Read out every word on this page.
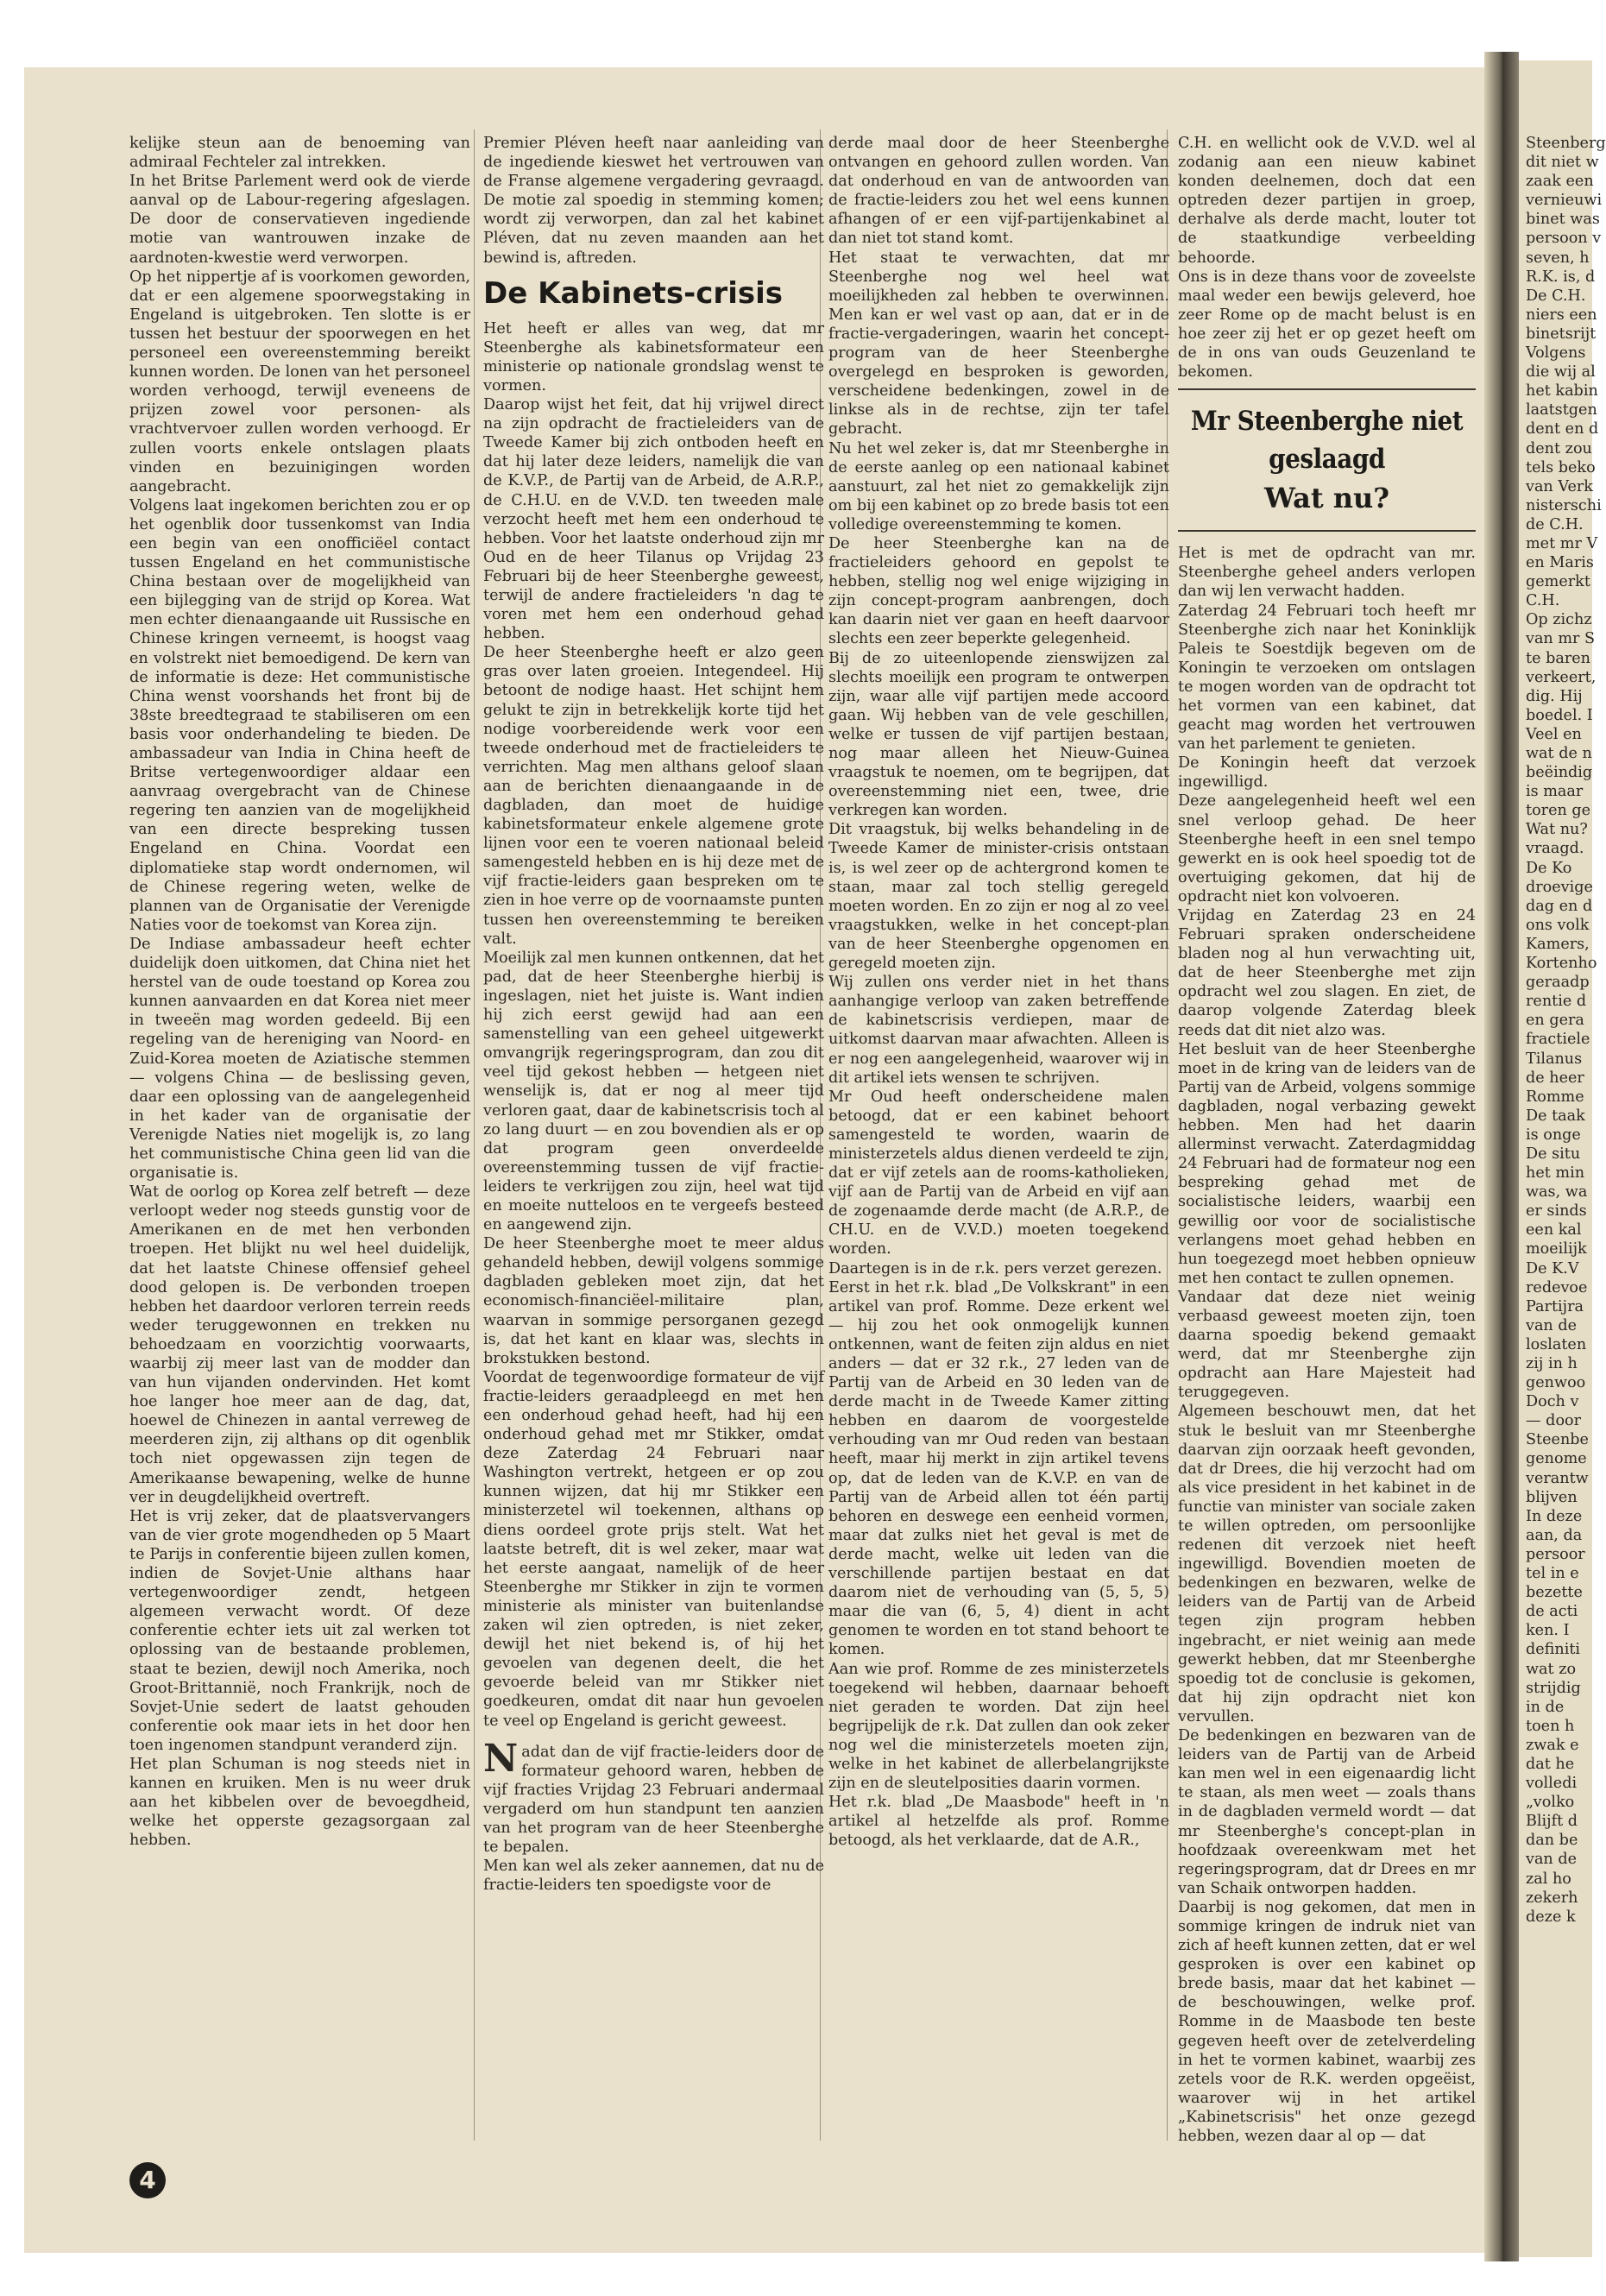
Steenberg
dit niet w
zaak een
vernieuwi
binet was
persoon v
seven, h
R.K. is, d
De C.H.
niers een
binetsrijt
Volgens
die wij al
het kabin
laatstgen
dent en d
dent zou
tels beko
van Verk
nisterschi
de C.H.
met mr V
en Maris
gemerkt
C.H.
Op zichz
van mr S
te baren
verkeert,
dig. Hij
boedel. I
Veel en
wat de n
beëindig
is maar
toren ge
Wat nu?
vraagd.
De Ko
droevige
dag en d
ons volk
Kamers,
Kortenho
geraadp
rentie d
en gera
fractiele
Tilanus
de heer
Romme
De taak
is onge
De situ
het min
was, wa
er sinds
een kal
moeilijk
De K.V
redevoe
Partijra
van de
loslaten
zij in h
genwoo
Doch v
— door
Steenbe
genome
verantw
blijven
In deze
aan, da
persoor
tel in e
bezette
de acti
ken. I
definiti
wat zo
strijdig
in de
toen h
zwak e
dat he
volledi
„volko
Blijft d
dan be
van de
zal ho
zekerh
deze k

kelijke steun aan de benoeming van admiraal Fechteler zal intrekken.

In het Britse Parlement werd ook de vierde aanval op de Labour-regering afgeslagen. De door de conservatieven ingediende motie van wantrouwen inzake de aardnoten-kwestie werd verworpen.

Op het nippertje af is voorkomen geworden, dat er een algemene spoorwegstaking in Engeland is uitgebroken. Ten slotte is er tussen het bestuur der spoorwegen en het personeel een overeenstemming bereikt kunnen worden. De lonen van het personeel worden verhoogd, terwijl eveneens de prijzen zowel voor personen- als vrachtvervoer zullen worden verhoogd. Er zullen voorts enkele ontslagen plaats vinden en bezuinigingen worden aangebracht.

Volgens laat ingekomen berichten zou er op het ogenblik door tussenkomst van India een begin van een onofficiëel contact tussen Engeland en het communistische China bestaan over de mogelijkheid van een bijlegging van de strijd op Korea. Wat men echter dienaangaande uit Russische en Chinese kringen verneemt, is hoogst vaag en volstrekt niet bemoedigend. De kern van de informatie is deze: Het communistische China wenst voorshands het front bij de 38ste breedtegraad te stabiliseren om een basis voor onderhandeling te bieden. De ambassadeur van India in China heeft de Britse vertegenwoordiger aldaar een aanvraag overgebracht van de Chinese regering ten aanzien van de mogelijkheid van een directe bespreking tussen Engeland en China. Voordat een diplomatieke stap wordt ondernomen, wil de Chinese regering weten, welke de plannen van de Organisatie der Verenigde Naties voor de toekomst van Korea zijn.

De Indiase ambassadeur heeft echter duidelijk doen uitkomen, dat China niet het herstel van de oude toestand op Korea zou kunnen aanvaarden en dat Korea niet meer in tweeën mag worden gedeeld. Bij een regeling van de hereniging van Noord- en Zuid-Korea moeten de Aziatische stemmen — volgens China — de beslissing geven, daar een oplossing van de aangelegenheid in het kader van de organisatie der Verenigde Naties niet mogelijk is, zo lang het communistische China geen lid van die organisatie is.

Wat de oorlog op Korea zelf betreft — deze verloopt weder nog steeds gunstig voor de Amerikanen en de met hen verbonden troepen. Het blijkt nu wel heel duidelijk, dat het laatste Chinese offensief geheel dood gelopen is. De verbonden troepen hebben het daardoor verloren terrein reeds weder teruggewonnen en trekken nu behoedzaam en voorzichtig voorwaarts, waarbij zij meer last van de modder dan van hun vijanden ondervinden. Het komt hoe langer hoe meer aan de dag, dat, hoewel de Chinezen in aantal verreweg de meerderen zijn, zij althans op dit ogenblik toch niet opgewassen zijn tegen de Amerikaanse bewapening, welke de hunne ver in deugdelijkheid overtreft.

Het is vrij zeker, dat de plaatsvervangers van de vier grote mogendheden op 5 Maart te Parijs in conferentie bijeen zullen komen, indien de Sovjet-Unie althans haar vertegenwoordiger zendt, hetgeen algemeen verwacht wordt. Of deze conferentie echter iets uit zal werken tot oplossing van de bestaande problemen, staat te bezien, dewijl noch Amerika, noch Groot-Brittannië, noch Frankrijk, noch de Sovjet-Unie sedert de laatst gehouden conferentie ook maar iets in het door hen toen ingenomen standpunt veranderd zijn.

Het plan Schuman is nog steeds niet in kannen en kruiken. Men is nu weer druk aan het kibbelen over de bevoegdheid, welke het opperste gezagsorgaan zal hebben.

Premier Pléven heeft naar aanleiding van de ingediende kieswet het vertrouwen van de Franse algemene vergadering gevraagd. De motie zal spoedig in stemming komen; wordt zij verworpen, dan zal het kabinet Pléven, dat nu zeven maanden aan het bewind is, aftreden.

De Kabinets-crisis

Het heeft er alles van weg, dat mr Steenberghe als kabinetsformateur een ministerie op nationale grondslag wenst te vormen.

Daarop wijst het feit, dat hij vrijwel direct na zijn opdracht de fractieleiders van de Tweede Kamer bij zich ontboden heeft en dat hij later deze leiders, namelijk die van de K.V.P., de Partij van de Arbeid, de A.R.P., de C.H.U. en de V.V.D. ten tweeden male verzocht heeft met hem een onderhoud te hebben. Voor het laatste onderhoud zijn mr Oud en de heer Tilanus op Vrijdag 23 Februari bij de heer Steenberghe geweest, terwijl de andere fractieleiders 'n dag te voren met hem een onderhoud gehad hebben.

De heer Steenberghe heeft er alzo geen gras over laten groeien. Integendeel. Hij betoont de nodige haast. Het schijnt hem gelukt te zijn in betrekkelijk korte tijd het nodige voorbereidende werk voor een tweede onderhoud met de fractieleiders te verrichten. Mag men althans geloof slaan aan de berichten dienaangaande in de dagbladen, dan moet de huidige kabinetsformateur enkele algemene grote lijnen voor een te voeren nationaal beleid samengesteld hebben en is hij deze met de vijf fractie-leiders gaan bespreken om te zien in hoe verre op de voornaamste punten tussen hen overeenstemming te bereiken valt.

Moeilijk zal men kunnen ontkennen, dat het pad, dat de heer Steenberghe hierbij is ingeslagen, niet het juiste is. Want indien hij zich eerst gewijd had aan een samenstelling van een geheel uitgewerkt omvangrijk regeringsprogram, dan zou dit veel tijd gekost hebben — hetgeen niet wenselijk is, dat er nog al meer tijd verloren gaat, daar de kabinetscrisis toch al zo lang duurt — en zou bovendien als er op dat program geen onverdeelde overeenstemming tussen de vijf fractie-leiders te verkrijgen zou zijn, heel wat tijd en moeite nutteloos en te vergeefs besteed en aangewend zijn.

De heer Steenberghe moet te meer aldus gehandeld hebben, dewijl volgens sommige dagbladen gebleken moet zijn, dat het economisch-financiëel-militaire plan, waarvan in sommige persorganen gezegd is, dat het kant en klaar was, slechts in brokstukken bestond.

Voordat de tegenwoordige formateur de vijf fractie-leiders geraadpleegd en met hen een onderhoud gehad heeft, had hij een onderhoud gehad met mr Stikker, omdat deze Zaterdag 24 Februari naar Washington vertrekt, hetgeen er op zou kunnen wijzen, dat hij mr Stikker een ministerzetel wil toekennen, althans op diens oordeel grote prijs stelt. Wat het laatste betreft, dit is wel zeker, maar wat het eerste aangaat, namelijk of de heer Steenberghe mr Stikker in zijn te vormen ministerie als minister van buitenlandse zaken wil zien optreden, is niet zeker, dewijl het niet bekend is, of hij het gevoelen van degenen deelt, die het gevoerde beleid van mr Stikker niet goedkeuren, omdat dit naar hun gevoelen te veel op Engeland is gericht geweest.

Nadat dan de vijf fractie-leiders door de formateur gehoord waren, hebben de vijf fracties Vrijdag 23 Februari andermaal vergaderd om hun standpunt ten aanzien van het program van de heer Steenberghe te bepalen.

Men kan wel als zeker aannemen, dat nu de fractie-leiders ten spoedigste voor de

derde maal door de heer Steenberghe ontvangen en gehoord zullen worden. Van dat onderhoud en van de antwoorden van de fractie-leiders zou het wel eens kunnen afhangen of er een vijf-partijenkabinet al dan niet tot stand komt.

Het staat te verwachten, dat mr Steenberghe nog wel heel wat moeilijkheden zal hebben te overwinnen. Men kan er wel vast op aan, dat er in de fractie-vergaderingen, waarin het concept-program van de heer Steenberghe overgelegd en besproken is geworden, verscheidene bedenkingen, zowel in de linkse als in de rechtse, zijn ter tafel gebracht.

Nu het wel zeker is, dat mr Steenberghe in de eerste aanleg op een nationaal kabinet aanstuurt, zal het niet zo gemakkelijk zijn om bij een kabinet op zo brede basis tot een volledige overeenstemming te komen.

De heer Steenberghe kan na de fractieleiders gehoord en gepolst te hebben, stellig nog wel enige wijziging in zijn concept-program aanbrengen, doch kan daarin niet ver gaan en heeft daarvoor slechts een zeer beperkte gelegenheid.

Bij de zo uiteenlopende zienswijzen zal slechts moeilijk een program te ontwerpen zijn, waar alle vijf partijen mede accoord gaan. Wij hebben van de vele geschillen, welke er tussen de vijf partijen bestaan, nog maar alleen het Nieuw-Guinea vraagstuk te noemen, om te begrijpen, dat overeenstemming niet een, twee, drie verkregen kan worden.

Dit vraagstuk, bij welks behandeling in de Tweede Kamer de minister-crisis ontstaan is, is wel zeer op de achtergrond komen te staan, maar zal toch stellig geregeld moeten worden. En zo zijn er nog al zo veel vraagstukken, welke in het concept-plan van de heer Steenberghe opgenomen en geregeld moeten zijn.

Wij zullen ons verder niet in het thans aanhangige verloop van zaken betreffende de kabinetscrisis verdiepen, maar de uitkomst daarvan maar afwachten. Alleen is er nog een aangelegenheid, waarover wij in dit artikel iets wensen te schrijven.

Mr Oud heeft onderscheidene malen betoogd, dat er een kabinet behoort samengesteld te worden, waarin de ministerzetels aldus dienen verdeeld te zijn, dat er vijf zetels aan de rooms-katholieken, vijf aan de Partij van de Arbeid en vijf aan de zogenaamde derde macht (de A.R.P., de CH.U. en de V.V.D.) moeten toegekend worden.

Daartegen is in de r.k. pers verzet gerezen.

Eerst in het r.k. blad „De Volkskrant" in een artikel van prof. Romme. Deze erkent wel — hij zou het ook onmogelijk kunnen ontkennen, want de feiten zijn aldus en niet anders — dat er 32 r.k., 27 leden van de Partij van de Arbeid en 30 leden van de derde macht in de Tweede Kamer zitting hebben en daarom de voorgestelde verhouding van mr Oud reden van bestaan heeft, maar hij merkt in zijn artikel tevens op, dat de leden van de K.V.P. en van de Partij van de Arbeid allen tot één partij behoren en deswege een eenheid vormen, maar dat zulks niet het geval is met de derde macht, welke uit leden van die verschillende partijen bestaat en dat daarom niet de verhouding van (5, 5, 5) maar die van (6, 5, 4) dient in acht genomen te worden en tot stand behoort te komen.

Aan wie prof. Romme de zes ministerzetels toegekend wil hebben, daarnaar behoeft niet geraden te worden. Dat zijn heel begrijpelijk de r.k. Dat zullen dan ook zeker nog wel die ministerzetels moeten zijn, welke in het kabinet de allerbelangrijkste zijn en de sleutelposities daarin vormen.

Het r.k. blad „De Maasbode" heeft in 'n artikel al hetzelfde als prof. Romme betoogd, als het verklaarde, dat de A.R.,

C.H. en wellicht ook de V.V.D. wel al zodanig aan een nieuw kabinet konden deelnemen, doch dat een optreden dezer partijen in groep, derhalve als derde macht, louter tot de staatkundige verbeelding behoorde.

Ons is in deze thans voor de zoveelste maal weder een bewijs geleverd, hoe zeer Rome op de macht belust is en hoe zeer zij het er op gezet heeft om de in ons van ouds Geuzenland te bekomen.

Mr Steenberghe niet geslaagd
Wat nu?

Het is met de opdracht van mr. Steenberghe geheel anders verlopen dan wij len verwacht hadden.

Zaterdag 24 Februari toch heeft mr Steenberghe zich naar het Koninklijk Paleis te Soestdijk begeven om de Koningin te verzoeken om ontslagen te mogen worden van de opdracht tot het vormen van een kabinet, dat geacht mag worden het vertrouwen van het parlement te genieten.

De Koningin heeft dat verzoek ingewilligd.

Deze aangelegenheid heeft wel een snel verloop gehad. De heer Steenberghe heeft in een snel tempo gewerkt en is ook heel spoedig tot de overtuiging gekomen, dat hij de opdracht niet kon volvoeren.

Vrijdag en Zaterdag 23 en 24 Februari spraken onderscheidene bladen nog al hun verwachting uit, dat de heer Steenberghe met zijn opdracht wel zou slagen. En ziet, de daarop volgende Zaterdag bleek reeds dat dit niet alzo was.

Het besluit van de heer Steenberghe moet in de kring van de leiders van de Partij van de Arbeid, volgens sommige dagbladen, nogal verbazing gewekt hebben. Men had het daarin allerminst verwacht. Zaterdagmiddag 24 Februari had de formateur nog een bespreking gehad met de socialistische leiders, waarbij een gewillig oor voor de socialistische verlangens moet gehad hebben en hun toegezegd moet hebben opnieuw met hen contact te zullen opnemen.

Vandaar dat deze niet weinig verbaasd geweest moeten zijn, toen daarna spoedig bekend gemaakt werd, dat mr Steenberghe zijn opdracht aan Hare Majesteit had teruggegeven.

Algemeen beschouwt men, dat het stuk le besluit van mr Steenberghe daarvan zijn oorzaak heeft gevonden, dat dr Drees, die hij verzocht had om als vice president in het kabinet in de functie van minister van sociale zaken te willen optreden, om persoonlijke redenen dit verzoek niet heeft ingewilligd. Bovendien moeten de bedenkingen en bezwaren, welke de leiders van de Partij van de Arbeid tegen zijn program hebben ingebracht, er niet weinig aan mede gewerkt hebben, dat mr Steenberghe spoedig tot de conclusie is gekomen, dat hij zijn opdracht niet kon vervullen.

De bedenkingen en bezwaren van de leiders van de Partij van de Arbeid kan men wel in een eigenaardig licht te staan, als men weet — zoals thans in de dagbladen vermeld wordt — dat mr Steenberghe's concept-plan in hoofdzaak overeenkwam met het regeringsprogram, dat dr Drees en mr van Schaik ontworpen hadden.

Daarbij is nog gekomen, dat men in sommige kringen de indruk niet van zich af heeft kunnen zetten, dat er wel gesproken is over een kabinet op brede basis, maar dat het kabinet — de beschouwingen, welke prof. Romme in de Maasbode ten beste gegeven heeft over de zetelverdeling in het te vormen kabinet, waarbij zes zetels voor de R.K. werden opgeëist, waarover wij in het artikel „Kabinetscrisis" het onze gezegd hebben, wezen daar al op — dat

4
